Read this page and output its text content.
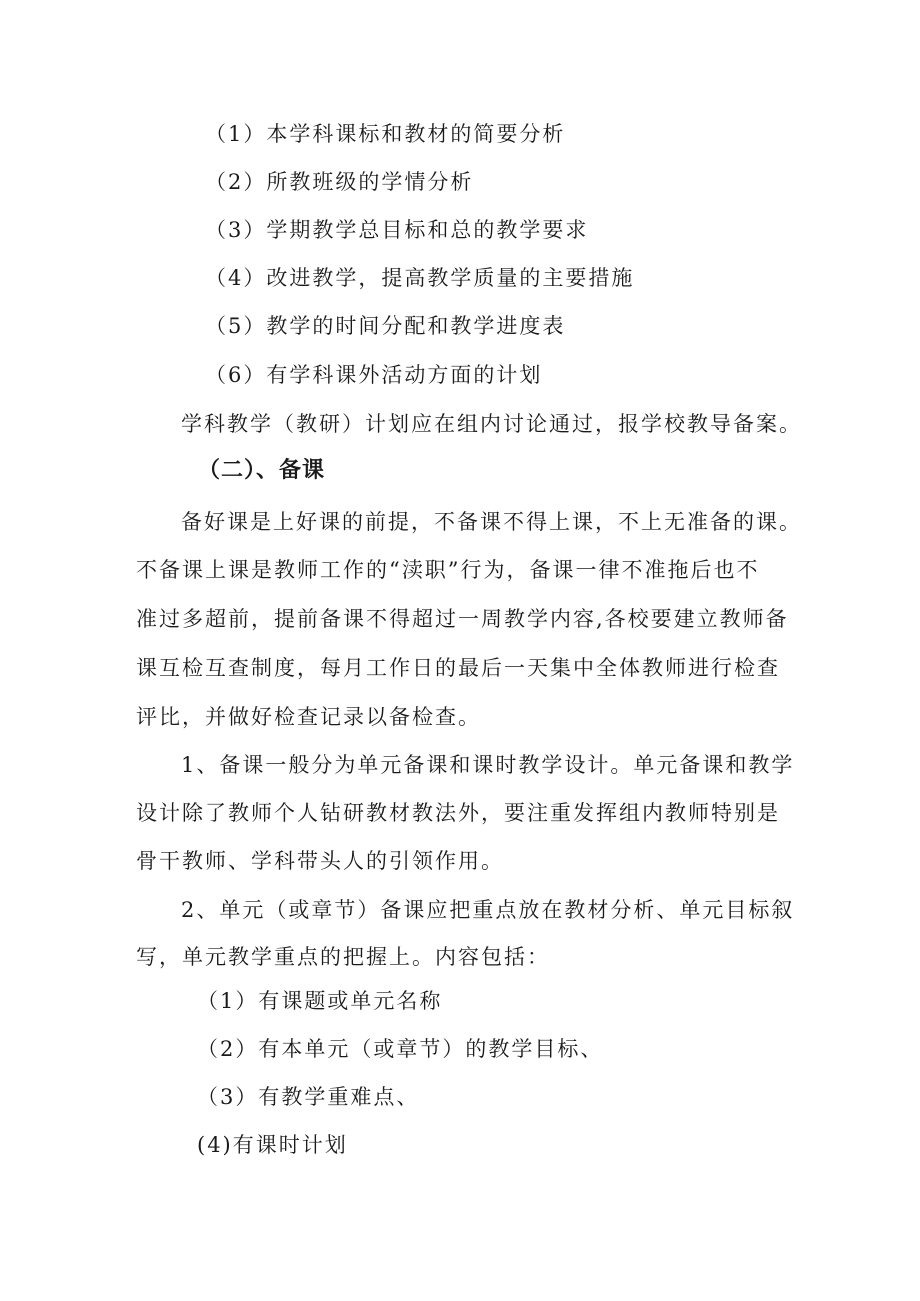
（1）本学科课标和教材的简要分析

（2）所教班级的学情分析

（3）学期教学总目标和总的教学要求

（4）改进教学，提高教学质量的主要措施

（5）教学的时间分配和教学进度表

（6）有学科课外活动方面的计划

学科教学（教研）计划应在组内讨论通过，报学校教导备案。

（二）、备课

备好课是上好课的前提，不备课不得上课，不上无准备的课。

不备课上课是教师工作的“渎职”行为，备课一律不准拖后也不

准过多超前，提前备课不得超过一周教学内容,各校要建立教师备

课互检互查制度，每月工作日的最后一天集中全体教师进行检查

评比，并做好检查记录以备检查。

1、备课一般分为单元备课和课时教学设计。单元备课和教学

设计除了教师个人钻研教材教法外，要注重发挥组内教师特别是

骨干教师、学科带头人的引领作用。

2、单元（或章节）备课应把重点放在教材分析、单元目标叙

写，单元教学重点的把握上。内容包括：

（1）有课题或单元名称

（2）有本单元（或章节）的教学目标、

（3）有教学重难点、

(4)有课时计划
